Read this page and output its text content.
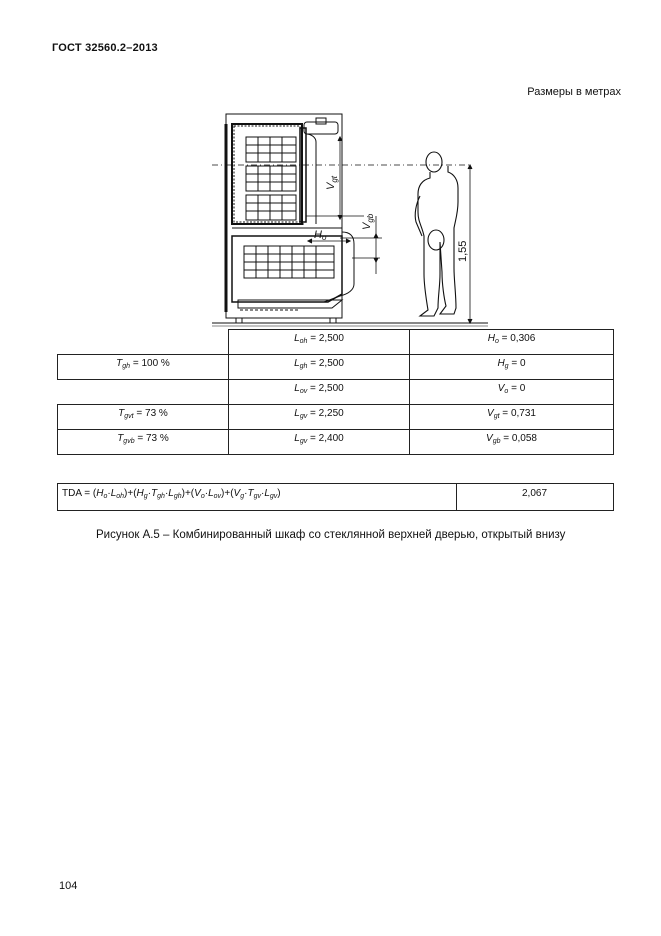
ГОСТ 32560.2–2013
Размеры в метрах
Ho
$V_{gt}$
$V_{gb}$
1,55

	$L_{oh} = 2,500$	$H_o = 0,306$

$T_{gh} = 100$ %	$L_{gh} = 2,500$	$H_g = 0$

	$L_{ov} = 2,500$	$V_o = 0$

$T_{gvt} = 73$ %	$L_{gv} = 2,250$	$V_{gt} = 0,731$

$T_{gvb} = 73$ %	$L_{gv} = 2,400$	$V_{gb} = 0,058$
TDA = $(H_o\cdot L_{oh})+(H_g\cdot T_{gh}\cdot L_{gh})+(V_o\cdot L_{ov})+(V_g\cdot T_{gv}\cdot L_{gv})$	2,067
Рисунок А.5 – Комбинированный шкаф со стеклянной верхней дверью, открытый внизу
104
